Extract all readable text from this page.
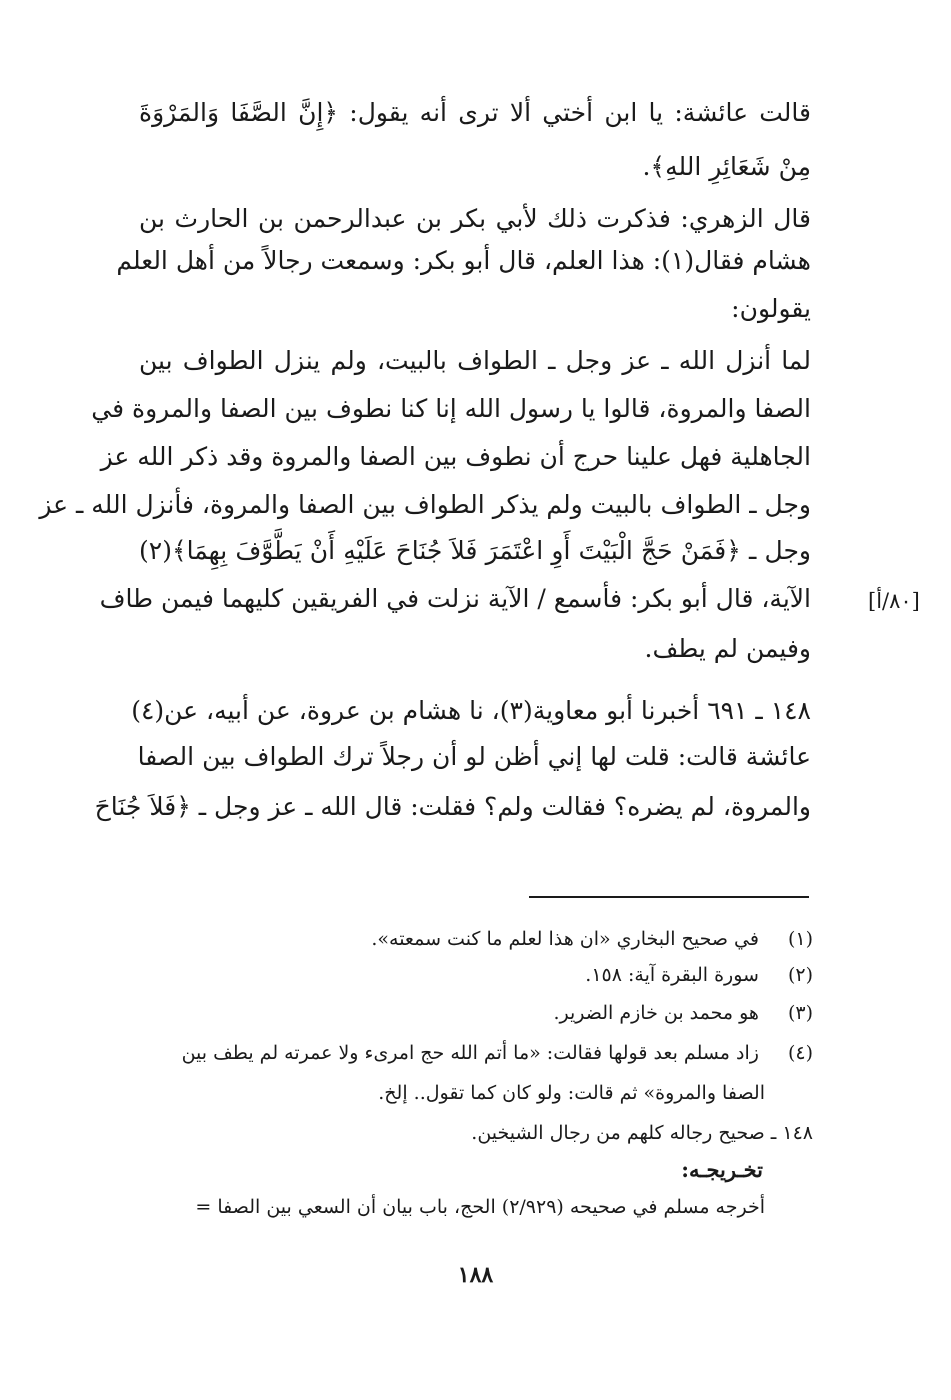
قالت عائشة: يا ابن أختي ألا ترى أنه يقول: ﴿إِنَّ الصَّفَا وَالمَرْوَةَ
مِنْ شَعَائِرِ اللهِ﴾.
قال الزهري: فذكرت ذلك لأبي بكر بن عبدالرحمن بن الحارث بن
هشام فقال(١): هذا العلم، قال أبو بكر: وسمعت رجالاً من أهل العلم
يقولون:
لما أنزل الله ـ عز وجل ـ الطواف بالبيت، ولم ينزل الطواف بين
الصفا والمروة، قالوا يا رسول الله إنا كنا نطوف بين الصفا والمروة في
الجاهلية فهل علينا حرج أن نطوف بين الصفا والمروة وقد ذكر الله عز
وجل ـ الطواف بالبيت ولم يذكر الطواف بين الصفا والمروة، فأنزل الله ـ عز
وجل ـ ﴿فَمَنْ حَجَّ الْبَيْتَ أَوِ اعْتَمَرَ فَلاَ جُنَاحَ عَلَيْهِ أَنْ يَطَّوَّفَ بِهِمَا﴾(٢)
الآية، قال أبو بكر: فأسمع / الآية نزلت في الفريقين كليهما فيمن طاف	[٨٠/أ]
وفيمن لم يطف.
١٤٨ ـ ٦٩١ أخبرنا أبو معاوية(٣)، نا هشام بن عروة، عن أبيه، عن(٤)
عائشة قالت: قلت لها إني أظن لو أن رجلاً ترك الطواف بين الصفا
والمروة، لم يضره؟ فقالت ولم؟ فقلت: قال الله ـ عز وجل ـ ﴿فَلاَ جُنَاحَ
(١) في صحيح البخاري «ان هذا لعلم ما كنت سمعته».
(٢) سورة البقرة آية: ١٥٨.
(٣) هو محمد بن خازم الضرير.
(٤) زاد مسلم بعد قولها فقالت: «ما أتم الله حج امرىء ولا عمرته لم يطف بين
الصفا والمروة» ثم قالت: ولو كان كما تقول.. إلخ.
١٤٨ ـ صحيح رجاله كلهم من رجال الشيخين.
تخـريجـه:
أخرجه مسلم في صحيحه (٢/٩٢٩) الحج، باب بيان أن السعي بين الصفا =
١٨٨
